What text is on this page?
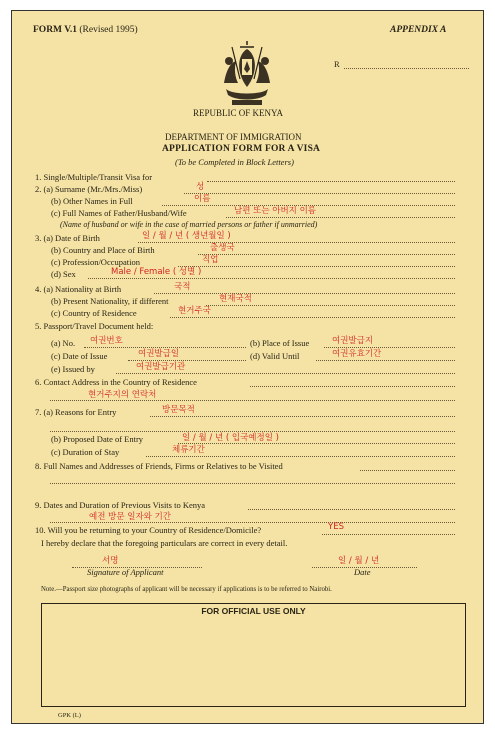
FORM V.1 (Revised 1995)	APPENDIX A
R
REPUBLIC OF KENYA
DEPARTMENT OF IMMIGRATION
APPLICATION FORM FOR A VISA
(To be Completed in Block Letters)
1. Single/Multiple/Transit Visa for
2. (a) Surname (Mr./Mrs./Miss)	성
(b) Other Names in Full	이름
(c) Full Names of Father/Husband/Wife	남편 또는 아버지 이름
(Name of husband or wife in the case of married persons or father if unmarried)
3. (a) Date of Birth	일 / 월 / 년 ( 생년월일 )
(b) Country and Place of Birth	출생국
(c) Profession/Occupation	직업
(d) Sex	Male / Female ( 성별 )
4. (a) Nationality at Birth	국적
(b) Present Nationality, if different	현재국적
(c) Country of Residence	현거주국
5. Passport/Travel Document held:
(a) No. 여권번호	(b) Place of Issue	여권발급지
(c) Date of Issue	여권발급일	(d) Valid Until	여권유효기간
(e) Issued by	여권발급기관
6. Contact Address in the Country of Residence
현거주지의 연락처
7. (a) Reasons for Entry	방문목적
(b) Proposed Date of Entry	일 / 월 / 년 ( 입국예정일 )
(c) Duration of Stay	체류기간
8. Full Names and Addresses of Friends, Firms or Relatives to be Visited
9. Dates and Duration of Previous Visits to Kenya
예전 방문 일자와 기간
10. Will you be returning to your Country of Residence/Domicile?	YES
I hereby declare that the foregoing particulars are correct in every detail.
서명
Signature of Applicant
일 / 월 / 년
Date
Note.—Passport size photographs of applicant will be necessary if applications is to be referred to Nairobi.
FOR OFFICIAL USE ONLY
GPK (L)
